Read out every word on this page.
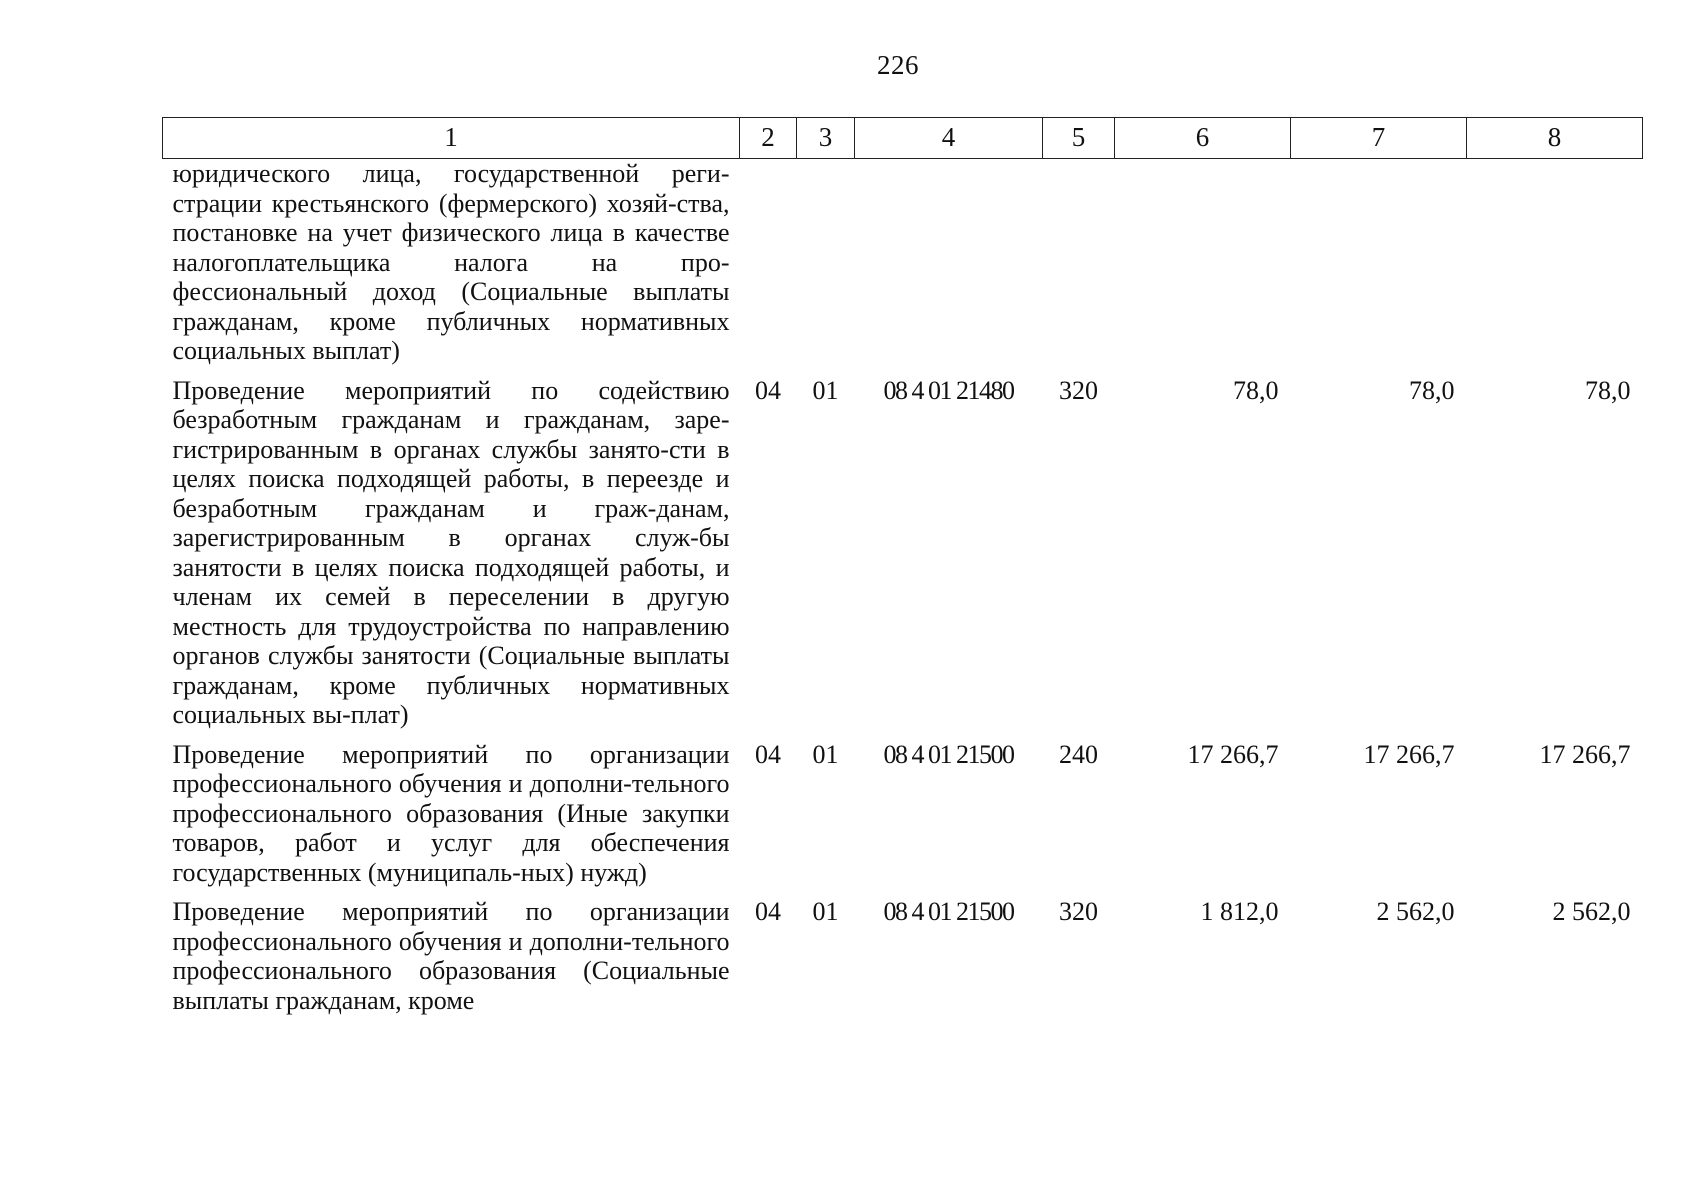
226
1	2	3	4	5	6	7	8
юридического лица, государственной реги-страции крестьянского (фермерского) хозяй-ства, постановке на учет физического лица в качестве налогоплательщика налога на про-фессиональный доход (Социальные выплаты гражданам, кроме публичных нормативных социальных выплат)							
Проведение мероприятий по содействию безработным гражданам и гражданам, заре-гистрированным в органах службы занято-сти в целях поиска подходящей работы, в переезде и безработным гражданам и граж-данам, зарегистрированным в органах служ-бы занятости в целях поиска подходящей работы, и членам их семей в переселении в другую местность для трудоустройства по направлению органов службы занятости (Социальные выплаты гражданам, кроме публичных нормативных социальных вы-плат)	04	01	08 4 01 21480	320	78,0	78,0	78,0
Проведение мероприятий по организации профессионального обучения и дополни-тельного профессионального образования (Иные закупки товаров, работ и услуг для обеспечения государственных (муниципаль-ных) нужд)	04	01	08 4 01 21500	240	17 266,7	17 266,7	17 266,7
Проведение мероприятий по организации профессионального обучения и дополни-тельного профессионального образования (Социальные выплаты гражданам, кроме	04	01	08 4 01 21500	320	1 812,0	2 562,0	2 562,0
